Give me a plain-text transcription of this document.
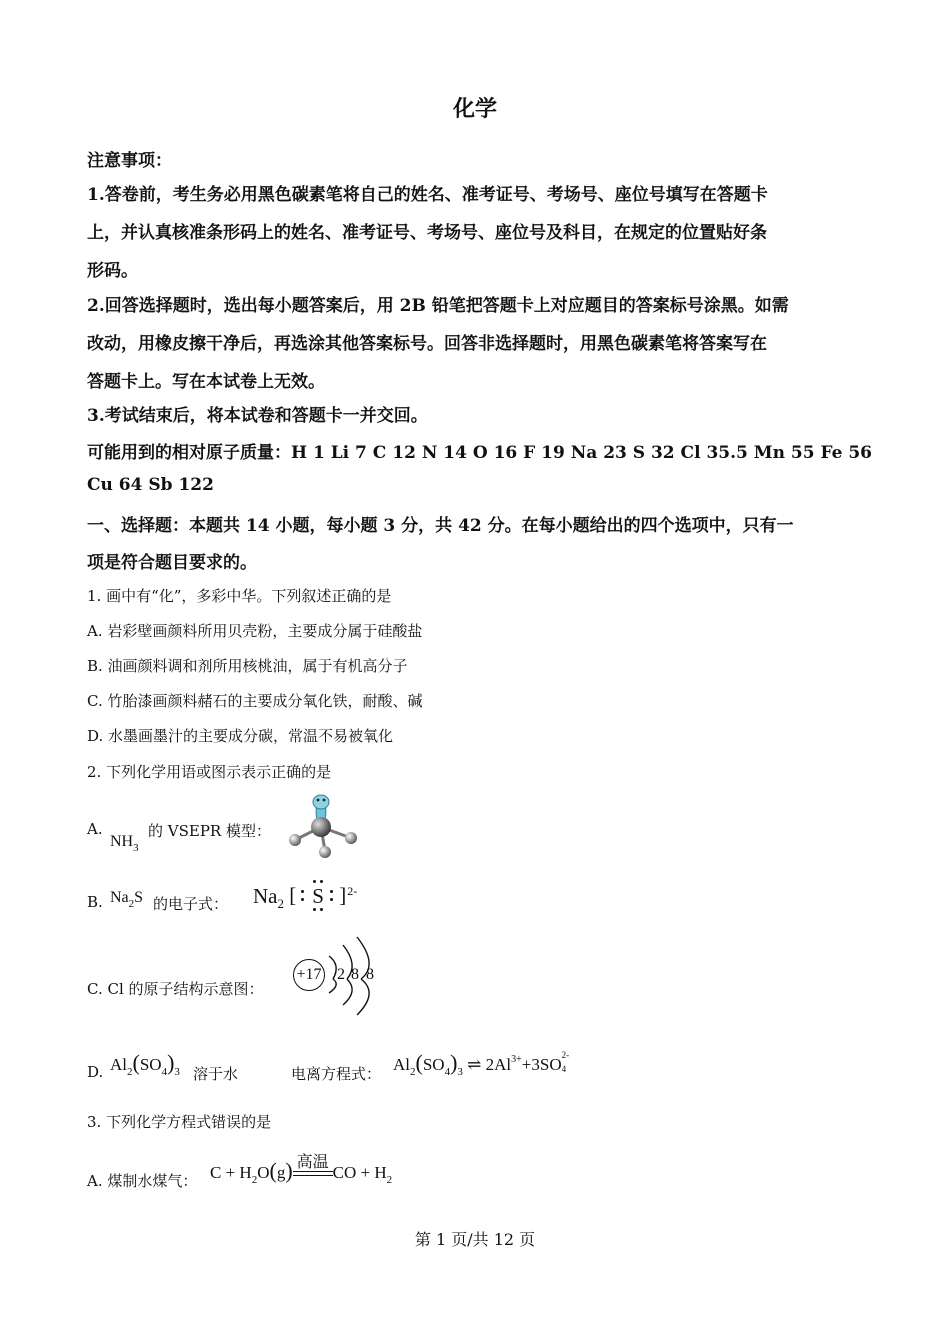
化学
注意事项：
1.答卷前，考生务必用黑色碳素笔将自己的姓名、准考证号、考场号、座位号填写在答题卡
上，并认真核准条形码上的姓名、准考证号、考场号、座位号及科目，在规定的位置贴好条
形码。
2.回答选择题时，选出每小题答案后，用 2B 铅笔把答题卡上对应题目的答案标号涂黑。如需
改动，用橡皮擦干净后，再选涂其他答案标号。回答非选择题时，用黑色碳素笔将答案写在
答题卡上。写在本试卷上无效。
3.考试结束后，将本试卷和答题卡一并交回。
可能用到的相对原子质量：H 1 Li 7 C 12 N 14 O 16 F 19 Na 23 S 32 Cl 35.5 Mn 55 Fe 56
Cu 64 Sb 122
一、选择题：本题共 14 小题，每小题 3 分，共 42 分。在每小题给出的四个选项中，只有一
项是符合题目要求的。
1. 画中有“化”，多彩中华。下列叙述正确的是
A. 岩彩壁画颜料所用贝壳粉，主要成分属于硅酸盐
B. 油画颜料调和剂所用核桃油，属于有机高分子
C. 竹胎漆画颜料赭石的主要成分氧化铁，耐酸、碱
D. 水墨画墨汁的主要成分碳，常温不易被氧化
2. 下列化学用语或图示表示正确的是
A.
$NH_3$
的 VSEPR 模型：
B. $Na_2S$ 的电子式： $Na_2$ [ S ] $^{2-}$
C. Cl 的原子结构示意图：
+17 2 8 8
D. $Al_2(SO_4)_3$ 溶于水	电离方程式： $Al_2(SO_4)_3$ ⇌ $2Al^{3+}+3SO$ 2-
4
3. 下列化学方程式错误的是
A. 煤制水煤气： $C + H_2O(g)$ 高温
CO + $H_2$
第 1 页/共 12 页
